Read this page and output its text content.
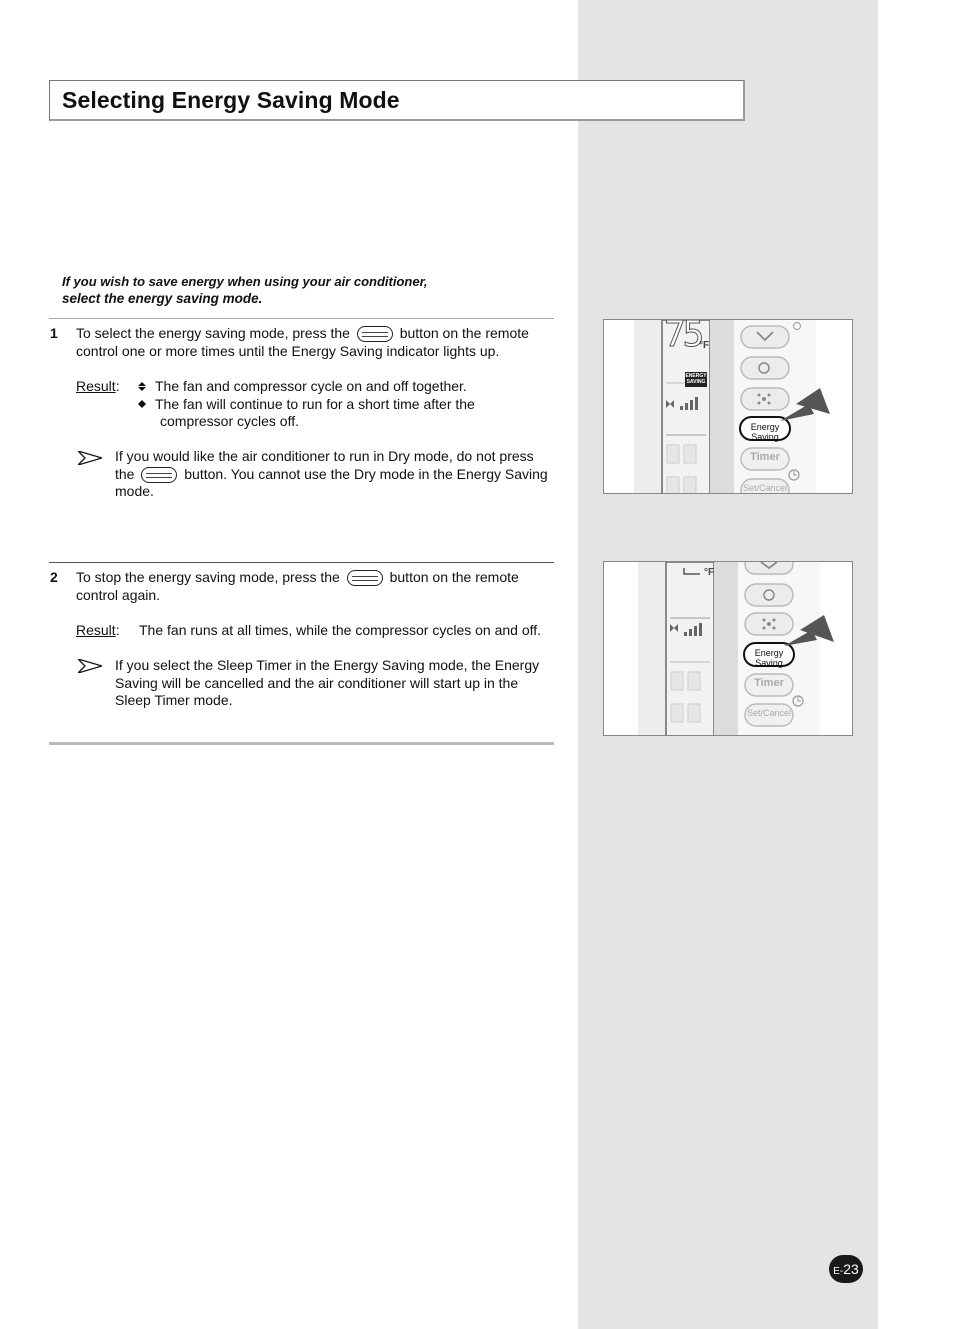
Selecting Energy Saving Mode
If you wish to save energy when using your air conditioner,
select the energy saving mode.
1 To select the energy saving mode, press the	button on the remote
control one or more times until the Energy Saving indicator lights up.
Result:	The fan and compressor cycle on and off together.
The fan will continue to run for a short time after the
compressor cycles off.
If you would like the air conditioner to run in Dry mode, do not press
the	button. You cannot use the Dry mode in the Energy Saving
mode.
2 To stop the energy saving mode, press the	button on the remote
control again.
Result: The fan runs at all times, while the compressor cycles on and off.
If you select the Sleep Timer in the Energy Saving mode, the Energy
Saving will be cancelled and the air conditioner will start up in the
Sleep Timer mode.
75
°F
ENERGY
SAVING
Energy Saving
Timer
Set/Cancel
°F
Energy Saving
Timer
Set/Cancel
E-23
